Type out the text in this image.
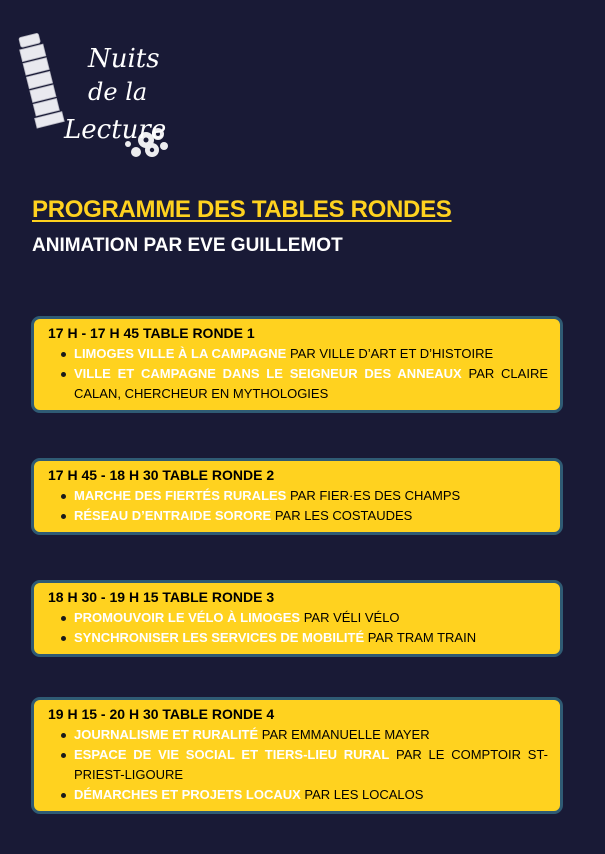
Nuits
de la
Lecture
PROGRAMME DES TABLES RONDES
ANIMATION PAR EVE GUILLEMOT
17 H - 17 H 45 TABLE RONDE 1
LIMOGES VILLE À LA CAMPAGNE PAR VILLE D’ART ET D’HISTOIRE
VILLE ET CAMPAGNE DANS LE SEIGNEUR DES ANNEAUX PAR CLAIRE CALAN, CHERCHEUR EN MYTHOLOGIES
17 H 45 - 18 H 30 TABLE RONDE 2
MARCHE DES FIERTÉS RURALES PAR FIER·ES DES CHAMPS
RÉSEAU D’ENTRAIDE SORORE PAR LES COSTAUDES
18 H 30 - 19 H 15 TABLE RONDE 3
PROMOUVOIR LE VÉLO À LIMOGES PAR VÉLI VÉLO
SYNCHRONISER LES SERVICES DE MOBILITÉ PAR TRAM TRAIN
19 H 15 - 20 H 30 TABLE RONDE 4
JOURNALISME ET RURALITÉ PAR EMMANUELLE MAYER
ESPACE DE VIE SOCIAL ET TIERS-LIEU RURAL PAR LE COMPTOIR ST-PRIEST-LIGOURE
DÉMARCHES ET PROJETS LOCAUX PAR LES LOCALOS
